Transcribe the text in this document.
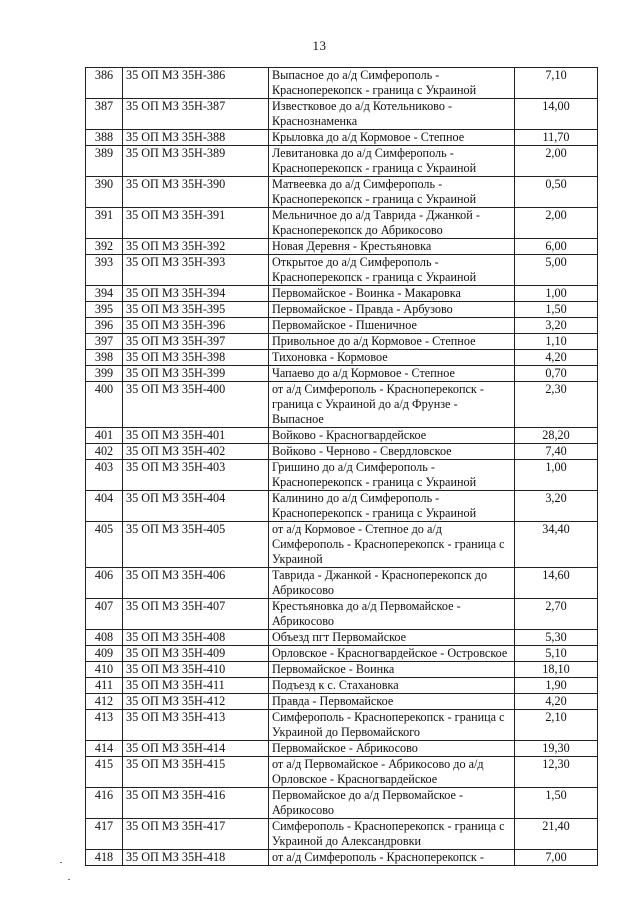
13
386	35 ОП МЗ 35Н-386	Выпасное до а/д Симферополь - Красноперекопск - граница с Украиной	7,10
387	35 ОП МЗ 35Н-387	Известковое до а/д Котельниково - Краснознаменка	14,00
388	35 ОП МЗ 35Н-388	Крыловка до а/д Кормовое - Степное	11,70
389	35 ОП МЗ 35Н-389	Левитановка до а/д Симферополь - Красноперекопск - граница с Украиной	2,00
390	35 ОП МЗ 35Н-390	Матвеевка до а/д Симферополь - Красноперекопск - граница с Украиной	0,50
391	35 ОП МЗ 35Н-391	Мельничное до а/д Таврида - Джанкой - Красноперекопск до Абрикосово	2,00
392	35 ОП МЗ 35Н-392	Новая Деревня - Крестьяновка	6,00
393	35 ОП МЗ 35Н-393	Открытое до а/д Симферополь - Красноперекопск - граница с Украиной	5,00
394	35 ОП МЗ 35Н-394	Первомайское - Воинка - Макаровка	1,00
395	35 ОП МЗ 35Н-395	Первомайское - Правда - Арбузово	1,50
396	35 ОП МЗ 35Н-396	Первомайское - Пшеничное	3,20
397	35 ОП МЗ 35Н-397	Привольное до а/д Кормовое - Степное	1,10
398	35 ОП МЗ 35Н-398	Тихоновка - Кормовое	4,20
399	35 ОП МЗ 35Н-399	Чапаево до а/д Кормовое - Степное	0,70
400	35 ОП МЗ 35Н-400	от а/д Симферополь - Красноперекопск - граница с Украиной до а/д Фрунзе - Выпасное	2,30
401	35 ОП МЗ 35Н-401	Войково - Красногвардейское	28,20
402	35 ОП МЗ 35Н-402	Войково - Черново - Свердловское	7,40
403	35 ОП МЗ 35Н-403	Гришино до а/д Симферополь - Красноперекопск - граница с Украиной	1,00
404	35 ОП МЗ 35Н-404	Калинино до а/д Симферополь - Красноперекопск - граница с Украиной	3,20
405	35 ОП МЗ 35Н-405	от а/д Кормовое - Степное до а/д Симферополь - Красноперекопск - граница с Украиной	34,40
406	35 ОП МЗ 35Н-406	Таврида - Джанкой - Красноперекопск до Абрикосово	14,60
407	35 ОП МЗ 35Н-407	Крестьяновка до а/д Первомайское - Абрикосово	2,70
408	35 ОП МЗ 35Н-408	Объезд пгт Первомайское	5,30
409	35 ОП МЗ 35Н-409	Орловское - Красногвардейское - Островское	5,10
410	35 ОП МЗ 35Н-410	Первомайское - Воинка	18,10
411	35 ОП МЗ 35Н-411	Подъезд к с. Стахановка	1,90
412	35 ОП МЗ 35Н-412	Правда - Первомайское	4,20
413	35 ОП МЗ 35Н-413	Симферополь - Красноперекопск - граница с Украиной до Первомайского	2,10
414	35 ОП МЗ 35Н-414	Первомайское - Абрикосово	19,30
415	35 ОП МЗ 35Н-415	от а/д Первомайское - Абрикосово до а/д Орловское - Красногвардейское	12,30
416	35 ОП МЗ 35Н-416	Первомайское до а/д Первомайское - Абрикосово	1,50
417	35 ОП МЗ 35Н-417	Симферополь - Красноперекопск - граница с Украиной до Александровки	21,40
418	35 ОП МЗ 35Н-418	от а/д Симферополь - Красноперекопск -	7,00
